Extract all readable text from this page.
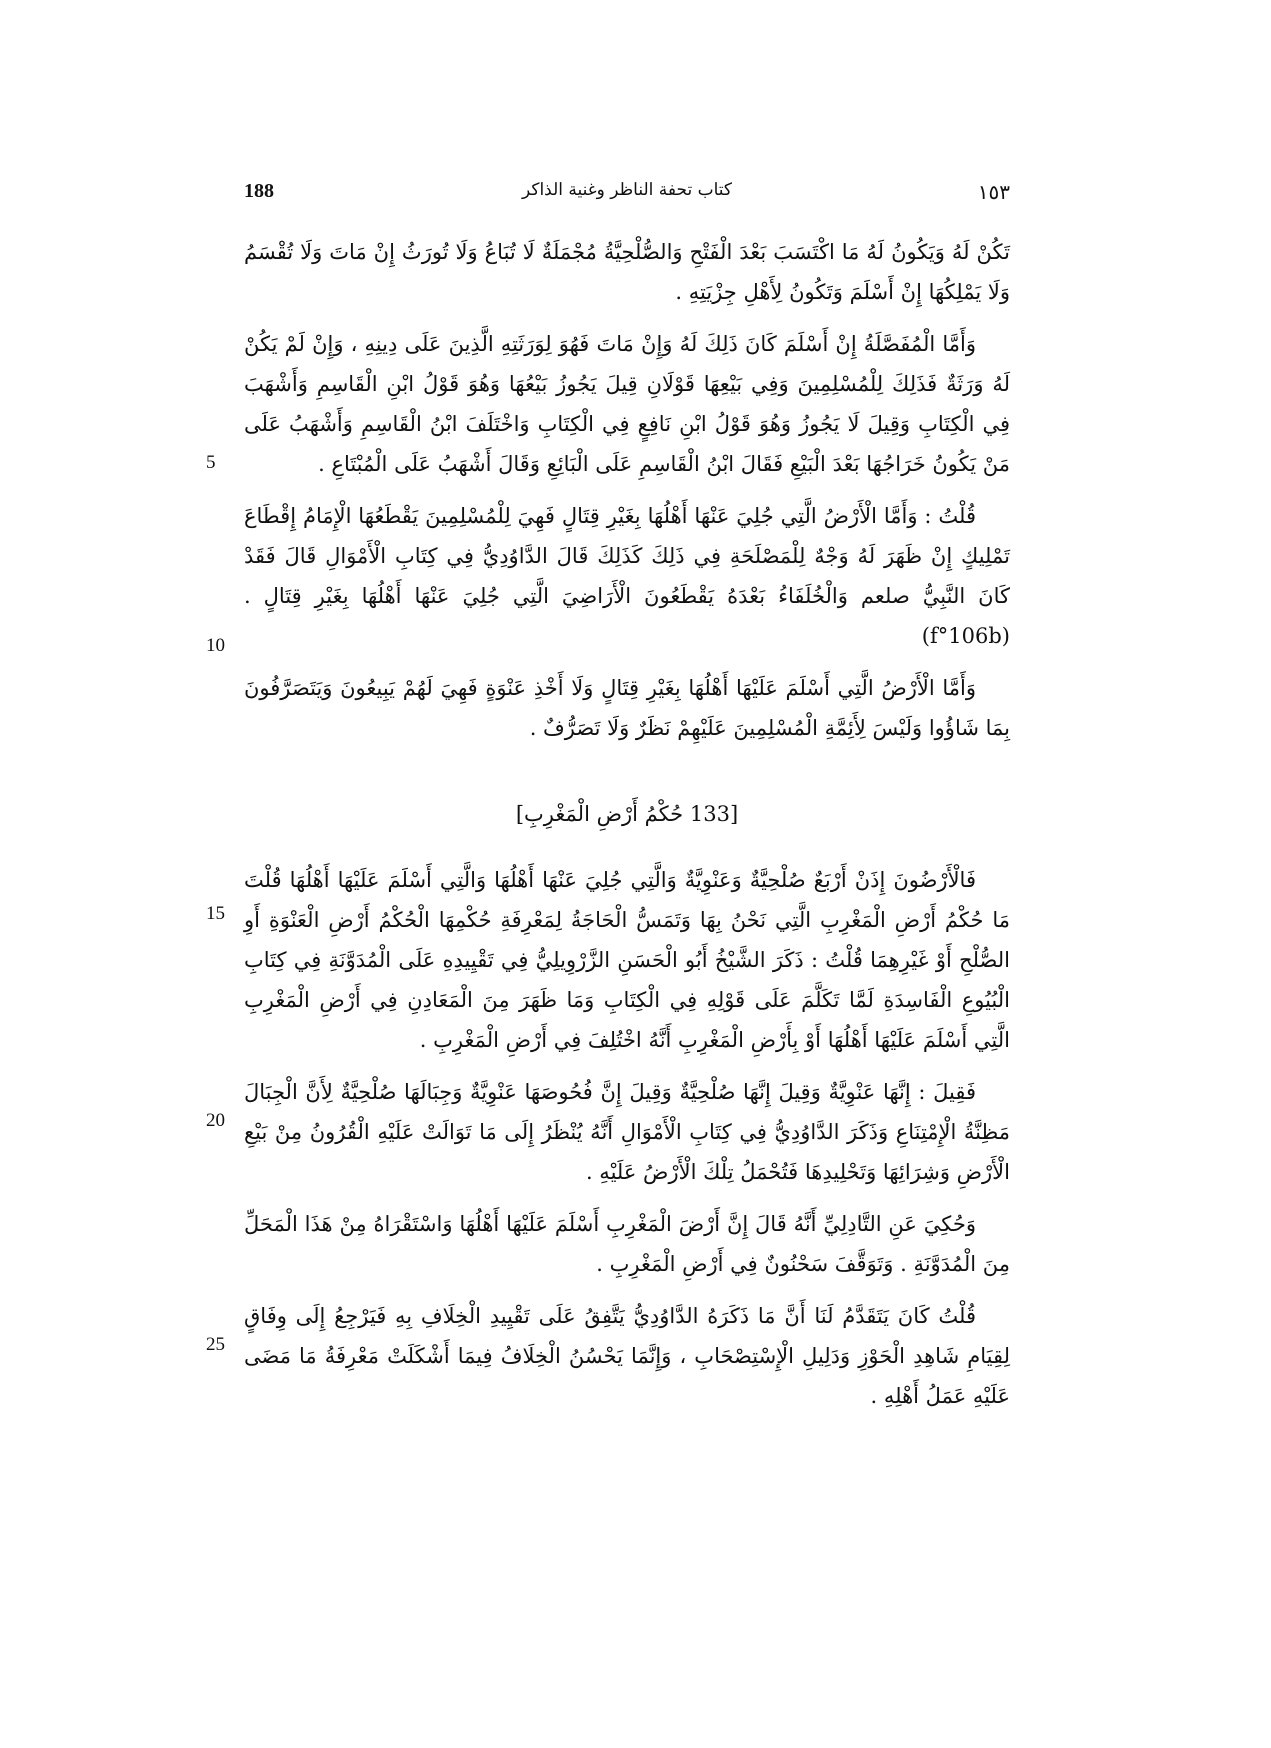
188	كتاب تحفة الناظر وغنية الذاكر	١٥٣
5
10
15
20
25

تَكُنْ لَهُ وَيَكُونُ لَهُ مَا اكْتَسَبَ بَعْدَ الْفَتْحِ وَالصُّلْحِيَّةُ مُجْمَلَةٌ لَا تُبَاعُ وَلَا تُورَثُ إِنْ مَاتَ وَلَا تُقْسَمُ وَلَا يَمْلِكُهَا إِنْ أَسْلَمَ وَتَكُونُ لِأَهْلِ جِزْيَتِهِ .

وَأَمَّا الْمُفَصَّلَةُ إِنْ أَسْلَمَ كَانَ ذَلِكَ لَهُ وَإِنْ مَاتَ فَهُوَ لِوَرَثَتِهِ الَّذِينَ عَلَى دِينِهِ ، وَإِنْ لَمْ يَكُنْ لَهُ وَرَثَةٌ فَذَلِكَ لِلْمُسْلِمِينَ وَفِي بَيْعِهَا قَوْلَانِ قِيلَ يَجُوزُ بَيْعُهَا وَهُوَ قَوْلُ ابْنِ الْقَاسِمِ وَأَشْهَبَ فِي الْكِتَابِ وَقِيلَ لَا يَجُوزُ وَهُوَ قَوْلُ ابْنِ نَافِعٍ فِي الْكِتَابِ وَاخْتَلَفَ ابْنُ الْقَاسِمِ وَأَشْهَبُ عَلَى مَنْ يَكُونُ خَرَاجُهَا بَعْدَ الْبَيْعِ فَقَالَ ابْنُ الْقَاسِمِ عَلَى الْبَائِعِ وَقَالَ أَشْهَبُ عَلَى الْمُبْتَاعِ .

قُلْتُ : وَأَمَّا الْأَرْضُ الَّتِي جُلِيَ عَنْهَا أَهْلُهَا بِغَيْرِ قِتَالٍ فَهِيَ لِلْمُسْلِمِينَ يَقْطَعُهَا الْإِمَامُ إِقْطَاعَ تَمْلِيكٍ إِنْ ظَهَرَ لَهُ وَجْهٌ لِلْمَصْلَحَةِ فِي ذَلِكَ كَذَلِكَ قَالَ الدَّاوُدِيُّ فِي كِتَابِ الْأَمْوَالِ قَالَ فَقَدْ كَانَ النَّبِيُّ صلعم وَالْخُلَفَاءُ بَعْدَهُ يَقْطَعُونَ الْأَرَاضِيَ الَّتِي جُلِيَ عَنْهَا أَهْلُهَا بِغَيْرِ قِتَالٍ . (f°106b)

وَأَمَّا الْأَرْضُ الَّتِي أَسْلَمَ عَلَيْهَا أَهْلُهَا بِغَيْرِ قِتَالٍ وَلَا أَخْذِ عَنْوَةٍ فَهِيَ لَهُمْ يَبِيعُونَ وَيَتَصَرَّفُونَ بِمَا شَاؤُوا وَلَيْسَ لِأَئِمَّةِ الْمُسْلِمِينَ عَلَيْهِمْ نَظَرٌ وَلَا تَصَرُّفٌ .

[133 حُكْمُ أَرْضِ الْمَغْرِبِ]

فَالْأَرْضُونَ إِذَنْ أَرْبَعٌ صُلْحِيَّةٌ وَعَنْوِيَّةٌ وَالَّتِي جُلِيَ عَنْهَا أَهْلُهَا وَالَّتِي أَسْلَمَ عَلَيْهَا أَهْلُهَا قُلْتَ مَا حُكْمُ أَرْضِ الْمَغْرِبِ الَّتِي نَحْنُ بِهَا وَتَمَسُّ الْحَاجَةُ لِمَعْرِفَةِ حُكْمِهَا الْحُكْمُ أَرْضِ الْعَنْوَةِ أَوِ الصُّلْحِ أَوْ غَيْرِهِمَا قُلْتُ : ذَكَرَ الشَّيْخُ أَبُو الْحَسَنِ الزَّرْوِيلِيُّ فِي تَقْيِيدِهِ عَلَى الْمُدَوَّنَةِ فِي كِتَابِ الْبُيُوعِ الْفَاسِدَةِ لَمَّا تَكَلَّمَ عَلَى قَوْلِهِ فِي الْكِتَابِ وَمَا ظَهَرَ مِنَ الْمَعَادِنِ فِي أَرْضِ الْمَغْرِبِ الَّتِي أَسْلَمَ عَلَيْهَا أَهْلُهَا أَوْ بِأَرْضِ الْمَغْرِبِ أَنَّهُ اخْتُلِفَ فِي أَرْضِ الْمَغْرِبِ .

فَقِيلَ : إِنَّهَا عَنْوِيَّةٌ وَقِيلَ إِنَّهَا صُلْحِيَّةٌ وَقِيلَ إِنَّ فُحُوصَهَا عَنْوِيَّةٌ وَجِبَالَهَا صُلْحِيَّةٌ لِأَنَّ الْجِبَالَ مَظِنَّةُ الْإِمْتِنَاعِ وَذَكَرَ الدَّاوُدِيُّ فِي كِتَابِ الْأَمْوَالِ أَنَّهُ يُنْظَرُ إِلَى مَا تَوَالَتْ عَلَيْهِ الْقُرُونُ مِنْ بَيْعِ الْأَرْضِ وَشِرَائِهَا وَتَحْلِيدِهَا فَتُحْمَلُ تِلْكَ الْأَرْضُ عَلَيْهِ .

وَحُكِيَ عَنِ التَّادِلِيِّ أَنَّهُ قَالَ إِنَّ أَرْضَ الْمَغْرِبِ أَسْلَمَ عَلَيْهَا أَهْلُهَا وَاسْتَقْرَاهُ مِنْ هَذَا الْمَحَلِّ مِنَ الْمُدَوَّنَةِ . وَتَوَقَّفَ سَحْنُونٌ فِي أَرْضِ الْمَغْرِبِ .

قُلْتُ كَانَ يَتَقَدَّمُ لَنَا أَنَّ مَا ذَكَرَهُ الدَّاوُدِيُّ يَتَّفِقُ عَلَى تَقْيِيدِ الْخِلَافِ بِهِ فَيَرْجِعُ إِلَى وِفَاقٍ لِقِيَامِ شَاهِدِ الْحَوْزِ وَدَلِيلِ الْإِسْتِصْحَابِ ، وَإِنَّمَا يَحْسُنُ الْخِلَافُ فِيمَا أَشْكَلَتْ مَعْرِفَةُ مَا مَضَى عَلَيْهِ عَمَلُ أَهْلِهِ .
